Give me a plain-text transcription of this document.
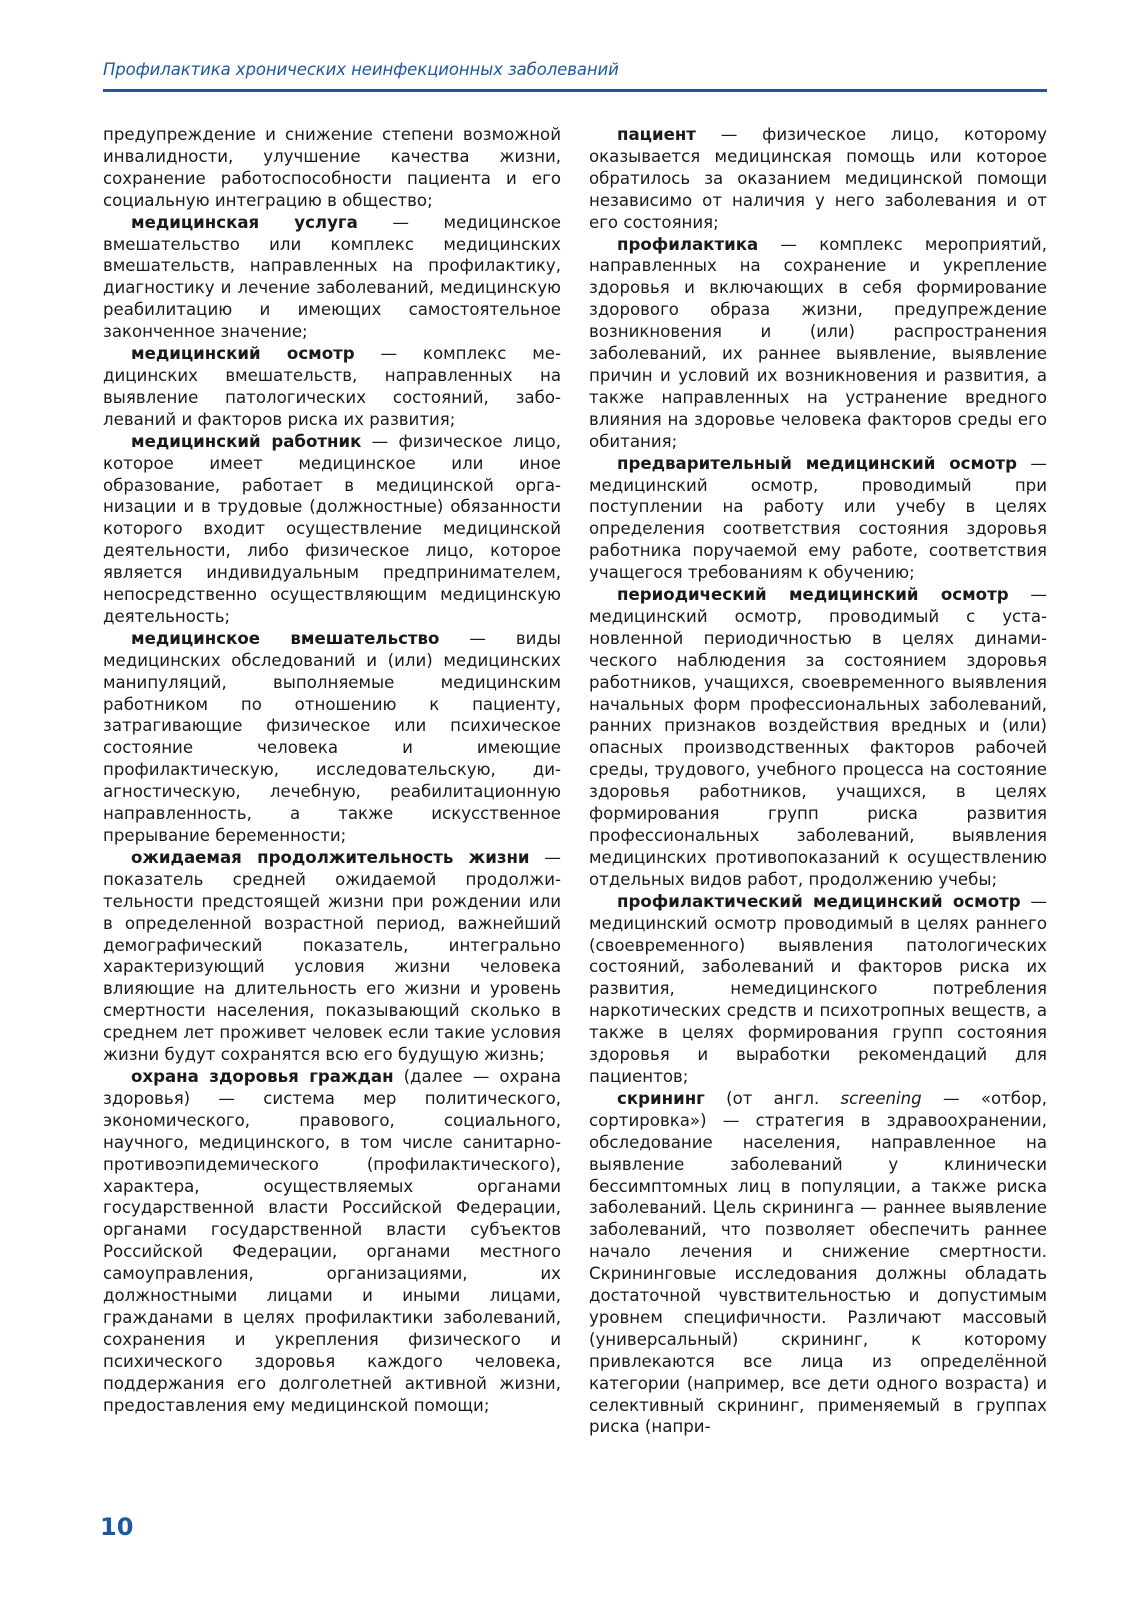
Профилактика хронических неинфекционных заболеваний

предупреждение и снижение степени возможной инвалидности, улучшение качества жизни, сохранение работоспособности пациента и его социальную интеграцию в общество;

медицинская услуга — медицинское вмешательство или комплекс медицинских вмешательств, направленных на профилактику, диагностику и лечение заболеваний, медицинскую реабилитацию и имеющих самостоятельное законченное значение;

медицинский осмотр — комплекс медицинских вмешательств, направленных на выявление патологических состояний, заболеваний и факторов риска их развития;

медицинский работник — физическое лицо, которое имеет медицинское или иное образование, работает в медицинской организации и в трудовые (должностные) обязанности которого входит осуществление медицинской деятельности, либо физическое лицо, которое является индивидуальным предпринимателем, непосредственно осуществляющим медицинскую деятельность;

медицинское вмешательство — виды медицинских обследований и (или) медицинских манипуляций, выполняемые медицинским работником по отношению к пациенту, затрагивающие физическое или психическое состояние человека и имеющие профилактическую, исследовательскую, диагностическую, лечебную, реабилитационную направленность, а также искусственное прерывание беременности;

ожидаемая продолжительность жизни — показатель средней ожидаемой продолжительности предстоящей жизни при рождении или в определенной возрастной период, важнейший демографический показатель, интегрально характеризующий условия жизни человека влияющие на длительность его жизни и уровень смертности населения, показывающий сколько в среднем лет проживет человек если такие условия жизни будут сохранятся всю его будущую жизнь;

охрана здоровья граждан (далее — охрана здоровья) — система мер политического, экономического, правового, социального, научного, медицинского, в том числе санитарно-противоэпидемического (профилактического), характера, осуществляемых органами государственной власти Российской Федерации, органами государственной власти субъектов Российской Федерации, органами местного самоуправления, организациями, их должностными лицами и иными лицами, гражданами в целях профилактики заболеваний, сохранения и укрепления физического и психического здоровья каждого человека, поддержания его долголетней активной жизни, предоставления ему медицинской помощи;

пациент — физическое лицо, которому оказывается медицинская помощь или которое обратилось за оказанием медицинской помощи независимо от наличия у него заболевания и от его состояния;

профилактика — комплекс мероприятий, направленных на сохранение и укрепление здоровья и включающих в себя формирование здорового образа жизни, предупреждение возникновения и (или) распространения заболеваний, их раннее выявление, выявление причин и условий их возникновения и развития, а также направленных на устранение вредного влияния на здоровье человека факторов среды его обитания;

предварительный медицинский осмотр — медицинский осмотр, проводимый при поступлении на работу или учебу в целях определения соответствия состояния здоровья работника поручаемой ему работе, соответствия учащегося требованиям к обучению;

периодический медицинский осмотр — медицинский осмотр, проводимый с установленной периодичностью в целях динамического наблюдения за состоянием здоровья работников, учащихся, своевременного выявления начальных форм профессиональных заболеваний, ранних признаков воздействия вредных и (или) опасных производственных факторов рабочей среды, трудового, учебного процесса на состояние здоровья работников, учащихся, в целях формирования групп риска развития профессиональных заболеваний, выявления медицинских противопоказаний к осуществлению отдельных видов работ, продолжению учебы;

профилактический медицинский осмотр — медицинский осмотр проводимый в целях раннего (своевременного) выявления патологических состояний, заболеваний и факторов риска их развития, немедицинского потребления наркотических средств и психотропных веществ, а также в целях формирования групп состояния здоровья и выработки рекомендаций для пациентов;

скрининг (от англ. screening — «отбор, сортировка») — стратегия в здравоохранении, обследование населения, направленное на выявление заболеваний у клинически бессимптомных лиц в популяции, а также риска заболеваний. Цель скрининга — раннее выявление заболеваний, что позволяет обеспечить раннее начало лечения и снижение смертности. Скрининговые исследования должны обладать достаточной чувствительностью и допустимым уровнем специфичности. Различают массовый (универсальный) скрининг, к которому привлекаются все лица из определённой категории (например, все дети одного возраста) и селективный скрининг, применяемый в группах риска (напри-

10
